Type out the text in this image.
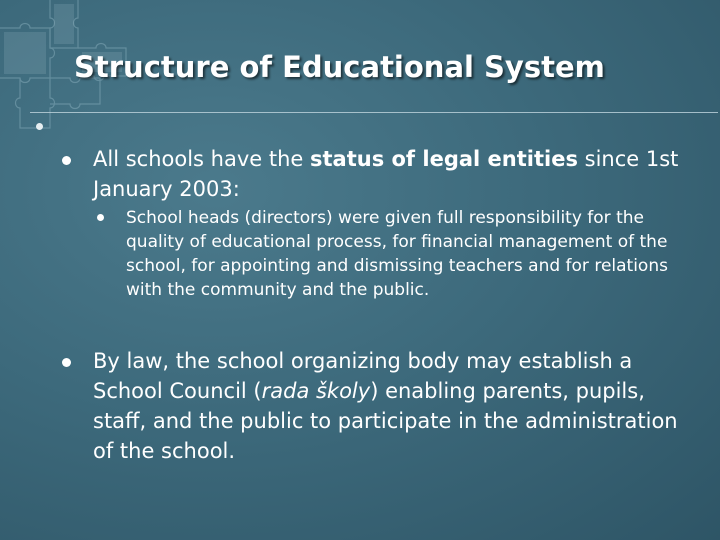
Structure of Educational System

All schools have the status of legal entities since 1st January 2003:

School heads (directors) were given full responsibility for the quality of educational process, for financial management of the school, for appointing and dismissing teachers and for relations with the community and the public.

By law, the school organizing body may establish a School Council (rada školy) enabling parents, pupils, staff, and the public to participate in the administration of the school.
